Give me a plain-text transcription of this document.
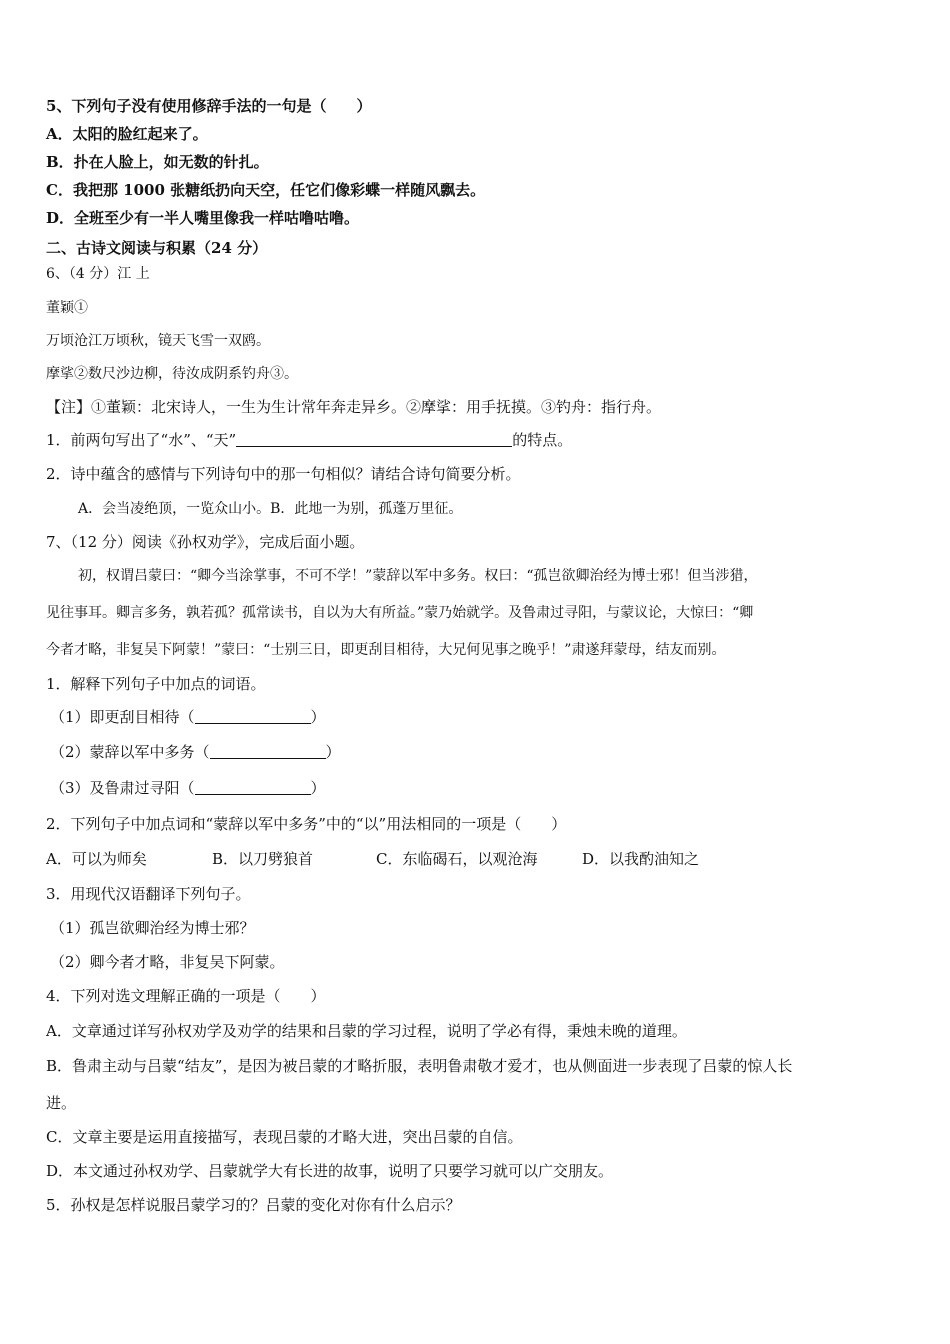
5、下列句子没有使用修辞手法的一句是（　　）
A．太阳的脸红起来了。
B．扑在人脸上，如无数的针扎。
C．我把那 1000 张糖纸扔向天空，任它们像彩蝶一样随风飘去。
D．全班至少有一半人嘴里像我一样咕噜咕噜。
二、古诗文阅读与积累（24 分）
6、（4 分）江 上
董颖①
万顷沧江万顷秋，镜天飞雪一双鸥。
摩挲②数尺沙边柳，待汝成阴系钓舟③。
【注】①董颖：北宋诗人，一生为生计常年奔走异乡。②摩挲：用手抚摸。③钓舟：指行舟。
1．前两句写出了“水”、“天”	的特点。
2．诗中蕴含的感情与下列诗句中的那一句相似？请结合诗句简要分析。
A．会当凌绝顶，一览众山小。B．此地一为别，孤蓬万里征。
7、（12 分）阅读《孙权劝学》，完成后面小题。
初，权谓吕蒙曰：“卿今当涂掌事，不可不学！”蒙辞以军中多务。权曰：“孤岂欲卿治经为博士邪！但当涉猎，
见往事耳。卿言多务，孰若孤？孤常读书，自以为大有所益。”蒙乃始就学。及鲁肃过寻阳，与蒙议论，大惊曰：“卿
今者才略，非复吴下阿蒙！”蒙曰：“士别三日，即更刮目相待，大兄何见事之晚乎！”肃遂拜蒙母，结友而别。
1．解释下列句子中加点的词语。
（1）即更刮目相待（	）
（2）蒙辞以军中多务（	）
（3）及鲁肃过寻阳（	）
2．下列句子中加点词和“蒙辞以军中多务”中的“以”用法相同的一项是（　　）
A．可以为师矣	B．以刀劈狼首	C．东临碣石，以观沧海	D．以我酌油知之
3．用现代汉语翻译下列句子。
（1）孤岂欲卿治经为博士邪？
（2）卿今者才略，非复吴下阿蒙。
4．下列对选文理解正确的一项是（　　）
A．文章通过详写孙权劝学及劝学的结果和吕蒙的学习过程，说明了学必有得，秉烛未晚的道理。
B．鲁肃主动与吕蒙“结友”，是因为被吕蒙的才略折服，表明鲁肃敬才爱才，也从侧面进一步表现了吕蒙的惊人长
进。
C．文章主要是运用直接描写，表现吕蒙的才略大进，突出吕蒙的自信。
D．本文通过孙权劝学、吕蒙就学大有长进的故事，说明了只要学习就可以广交朋友。
5．孙权是怎样说服吕蒙学习的？吕蒙的变化对你有什么启示？
